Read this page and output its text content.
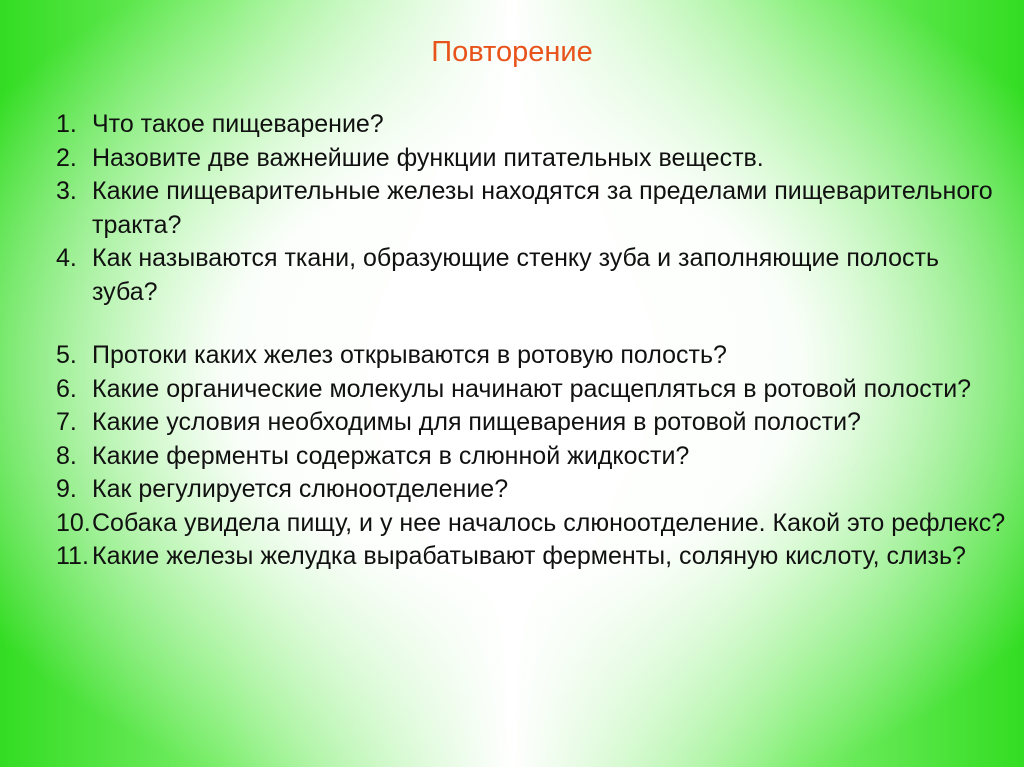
Повторение
1. Что такое пищеварение?
2. Назовите две важнейшие функции питательных веществ.
3. Какие пищеварительные железы находятся за пределами пищеварительного тракта?
4. Как называются ткани, образующие стенку зуба и заполняющие полость зуба?
5. Протоки каких желез открываются в ротовую полость?
6. Какие органические молекулы начинают расщепляться в ротовой полости?
7. Какие условия необходимы для пищеварения в ротовой полости?
8. Какие ферменты содержатся в слюнной жидкости?
9. Как регулируется слюноотделение?
10. Собака увидела пищу, и у нее началось слюноотделение. Какой это рефлекс?
11. Какие железы желудка вырабатывают ферменты, соляную кислоту, слизь?
